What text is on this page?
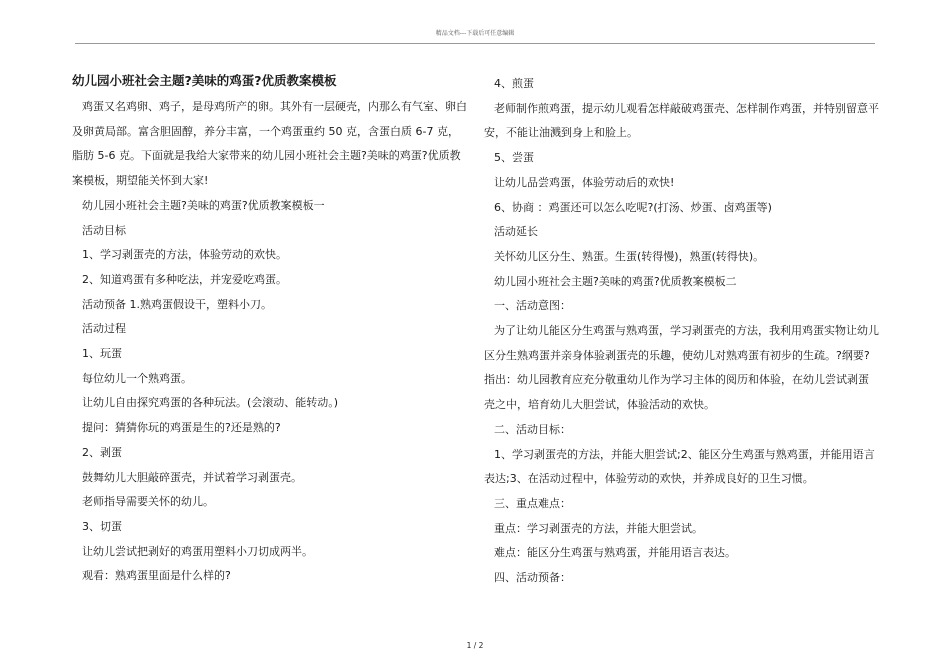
精品文档---下载后可任意编辑
幼儿园小班社会主题?美味的鸡蛋?优质教案模板

鸡蛋又名鸡卵、鸡子，是母鸡所产的卵。其外有一层硬壳，内那么有气室、卵白及卵黄局部。富含胆固醇，养分丰富，一个鸡蛋重约 50 克，含蛋白质 6-7 克，脂肪 5-6 克。下面就是我给大家带来的幼儿园小班社会主题?美味的鸡蛋?优质教案模板，期望能关怀到大家!

幼儿园小班社会主题?美味的鸡蛋?优质教案模板一

活动目标

1、学习剥蛋壳的方法，体验劳动的欢快。

2、知道鸡蛋有多种吃法，并宠爱吃鸡蛋。

活动预备 1.熟鸡蛋假设干，塑料小刀。

活动过程

1、玩蛋

每位幼儿一个熟鸡蛋。

让幼儿自由探究鸡蛋的各种玩法。(会滚动、能转动。)

提问：猜猜你玩的鸡蛋是生的?还是熟的?

2、剥蛋

鼓舞幼儿大胆敲碎蛋壳，并试着学习剥蛋壳。

老师指导需要关怀的幼儿。

3、切蛋

让幼儿尝试把剥好的鸡蛋用塑料小刀切成两半。

观看：熟鸡蛋里面是什么样的?

4、煎蛋

老师制作煎鸡蛋，提示幼儿观看怎样敲破鸡蛋壳、怎样制作鸡蛋，并特别留意平安，不能让油溅到身上和脸上。

5、尝蛋

让幼儿品尝鸡蛋，体验劳动后的欢快!

6、协商 ：鸡蛋还可以怎么吃呢?(打汤、炒蛋、卤鸡蛋等)

活动延长

关怀幼儿区分生、熟蛋。生蛋(转得慢)，熟蛋(转得快)。

幼儿园小班社会主题?美味的鸡蛋?优质教案模板二

一、活动意图：

为了让幼儿能区分生鸡蛋与熟鸡蛋，学习剥蛋壳的方法，我利用鸡蛋实物让幼儿区分生熟鸡蛋并亲身体验剥蛋壳的乐趣，使幼儿对熟鸡蛋有初步的生疏。?纲要?指出：幼儿园教育应充分敬重幼儿作为学习主体的阅历和体验，在幼儿尝试剥蛋壳之中，培育幼儿大胆尝试，体验活动的欢快。

二、活动目标：

1、学习剥蛋壳的方法，并能大胆尝试;2、能区分生鸡蛋与熟鸡蛋，并能用语言表达;3、在活动过程中，体验劳动的欢快，并养成良好的卫生习惯。

三、重点难点：

重点：学习剥蛋壳的方法，并能大胆尝试。

难点：能区分生鸡蛋与熟鸡蛋，并能用语言表达。

四、活动预备：

1 / 2
